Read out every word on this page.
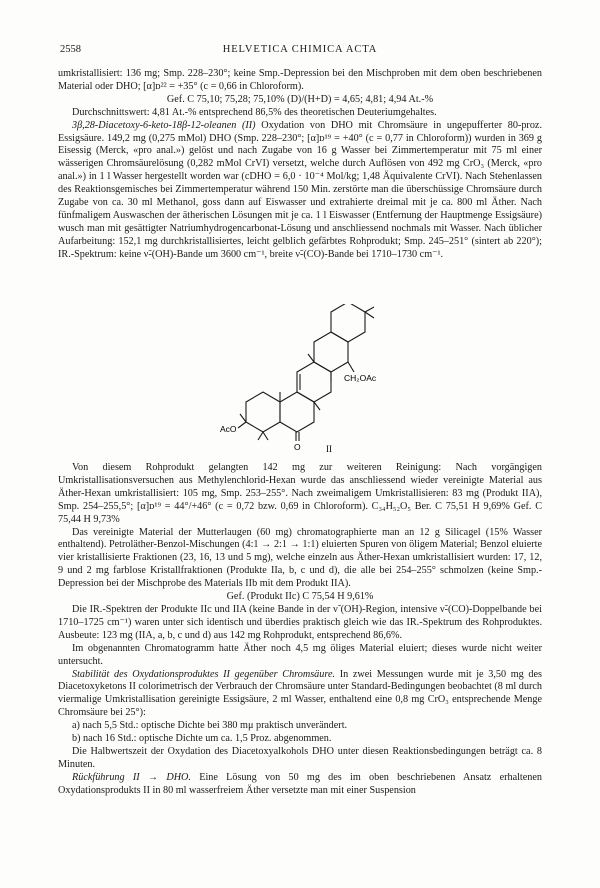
2558	HELVETICA CHIMICA ACTA

umkristallisiert: 136 mg; Smp. 228–230°; keine Smp.-Depression bei den Mischproben mit dem oben beschriebenen Material oder DHO; [α]ᴅ²² = +35° (c = 0,66 in Chloroform).

Gef. C 75,10; 75,28; 75,10% (D)/(H+D) = 4,65; 4,81; 4,94 At.-%

Durchschnittswert: 4,81 At.-% entsprechend 86,5% des theoretischen Deuteriumgehaltes.

3β,28-Diacetoxy-6-keto-18β-12-oleanen (II) Oxydation von DHO mit Chromsäure in ungepufferter 80-proz. Essigsäure. 149,2 mg (0,275 mMol) DHO (Smp. 228–230°; [α]ᴅ¹⁹ = +40° (c = 0,77 in Chloroform)) wurden in 369 g Eisessig (Merck, «pro anal.») gelöst und nach Zugabe von 16 g Wasser bei Zimmertemperatur mit 75 ml einer wässerigen Chromsäurelösung (0,282 mMol CrVI) versetzt, welche durch Auflösen von 492 mg CrO₃ (Merck, «pro anal.») in 1 l Wasser hergestellt worden war (cDHO = 6,0 · 10⁻⁴ Mol/kg; 1,48 Äquivalente CrVI). Nach Stehenlassen des Reaktionsgemisches bei Zimmertemperatur während 150 Min. zerstörte man die überschüssige Chromsäure durch Zugabe von ca. 30 ml Methanol, goss dann auf Eiswasser und extrahierte dreimal mit je ca. 800 ml Äther. Nach fünfmaligem Auswaschen der ätherischen Lösungen mit je ca. 1 l Eiswasser (Entfernung der Hauptmenge Essigsäure) wusch man mit gesättigter Natriumhydrogencarbonat-Lösung und anschliessend nochmals mit Wasser. Nach üblicher Aufarbeitung: 152,1 mg durchkristallisiertes, leicht gelblich gefärbtes Rohprodukt; Smp. 245–251° (sintert ab 220°); IR.-Spektrum: keine ν̃-(OH)-Bande um 3600 cm⁻¹, breite ν̃-(CO)-Bande bei 1710–1730 cm⁻¹.

CH₂OAc
AcO
O	II

Von diesem Rohprodukt gelangten 142 mg zur weiteren Reinigung: Nach vorgängigen Umkristallisationsversuchen aus Methylenchlorid-Hexan wurde das anschliessend wieder vereinigte Material aus Äther-Hexan umkristallisiert: 105 mg, Smp. 253–255°. Nach zweimaligem Umkristallisieren: 83 mg (Produkt IIA), Smp. 254–255,5°; [α]ᴅ¹⁹ = 44°/+46° (c = 0,72 bzw. 0,69 in Chloroform). C₃₄H₅₂O₅ Ber. C 75,51 H 9,69% Gef. C 75,44 H 9,73%

Das vereinigte Material der Mutterlaugen (60 mg) chromatographierte man an 12 g Silicagel (15% Wasser enthaltend). Petroläther-Benzol-Mischungen (4:1 → 2:1 → 1:1) eluierten Spuren von öligem Material; Benzol eluierte vier kristallisierte Fraktionen (23, 16, 13 und 5 mg), welche einzeln aus Äther-Hexan umkristallisiert wurden: 17, 12, 9 und 2 mg farblose Kristallfraktionen (Produkte IIa, b, c und d), die alle bei 254–255° schmolzen (keine Smp.-Depression bei der Mischprobe des Materials IIb mit dem Produkt IIA).

Gef. (Produkt IIc) C 75,54 H 9,61%

Die IR.-Spektren der Produkte IIc und IIA (keine Bande in der ν̃ (OH)-Region, intensive ν̃-(CO)-Doppelbande bei 1710–1725 cm⁻¹) waren unter sich identisch und überdies praktisch gleich wie das IR.-Spektrum des Rohproduktes. Ausbeute: 123 mg (IIA, a, b, c und d) aus 142 mg Rohprodukt, entsprechend 86,6%.

Im obgenannten Chromatogramm hatte Äther noch 4,5 mg öliges Material eluiert; dieses wurde nicht weiter untersucht.

Stabilität des Oxydationsproduktes II gegenüber Chromsäure. In zwei Messungen wurde mit je 3,50 mg des Diacetoxyketons II colorimetrisch der Verbrauch der Chromsäure unter Standard-Bedingungen beobachtet (8 ml durch viermalige Umkristallisation gereinigte Essigsäure, 2 ml Wasser, enthaltend eine 0,8 mg CrO₃ entsprechende Menge Chromsäure bei 25°):

a) nach 5,5 Std.: optische Dichte bei 380 mμ praktisch unverändert.

b) nach 16 Std.: optische Dichte um ca. 1,5 Proz. abgenommen.

Die Halbwertszeit der Oxydation des Diacetoxyalkohols DHO unter diesen Reaktionsbedingungen beträgt ca. 8 Minuten.

Rückführung II → DHO. Eine Lösung von 50 mg des im oben beschriebenen Ansatz erhaltenen Oxydationsprodukts II in 80 ml wasserfreiem Äther versetzte man mit einer Suspension
